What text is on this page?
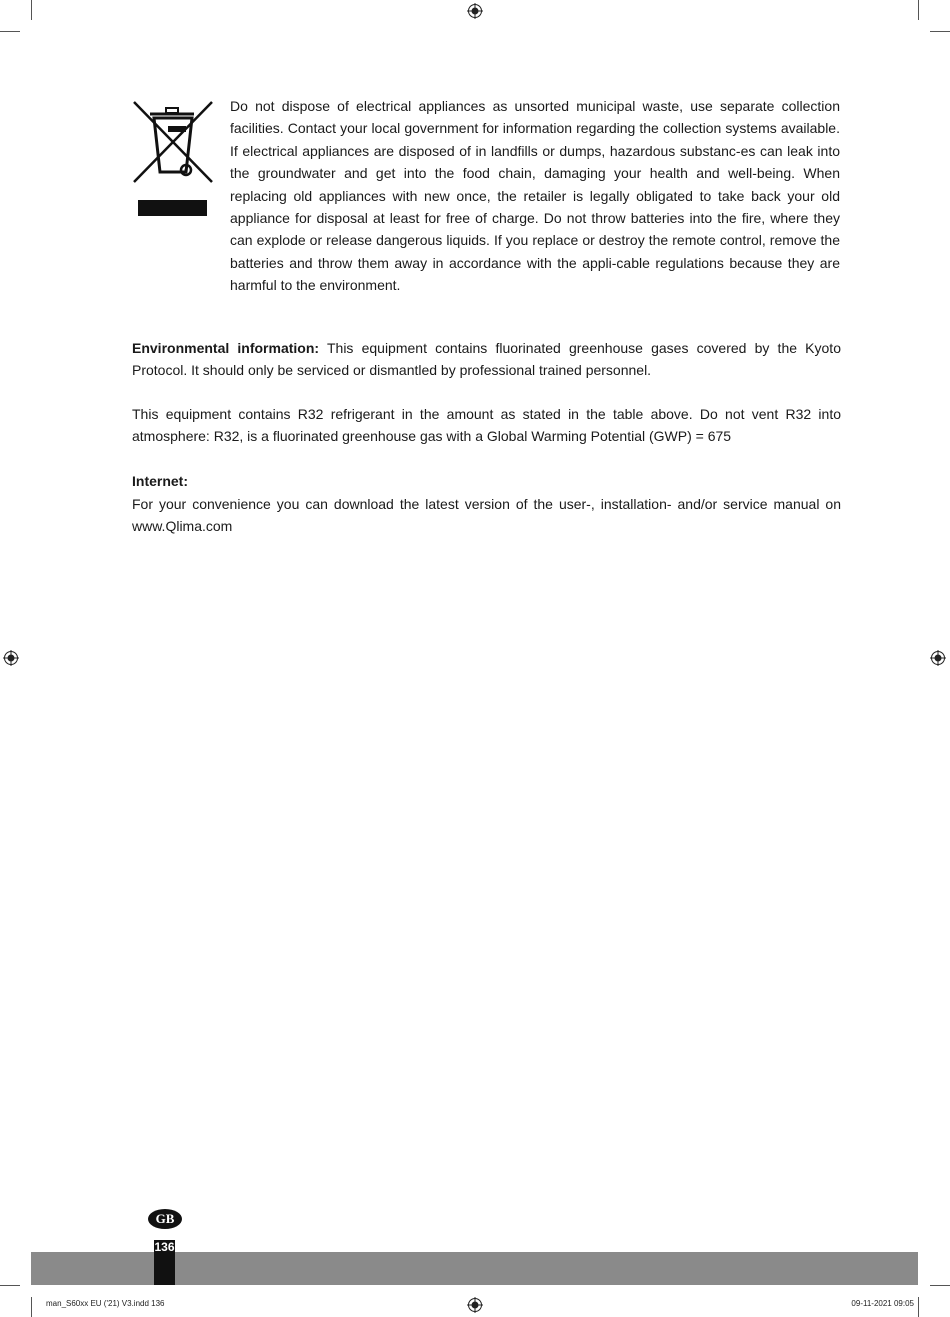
Do not dispose of electrical appliances as unsorted municipal waste, use separate collection facilities. Contact your local government for information regarding the collection systems available. If electrical appliances are disposed of in landfills or dumps, hazardous substanc-es can leak into the groundwater and get into the food chain, damaging your health and well-being. When replacing old appliances with new once, the retailer is legally obligated to take back your old appliance for disposal at least for free of charge. Do not throw batteries into the fire, where they can explode or release dangerous liquids. If you replace or destroy the remote control, remove the batteries and throw them away in accordance with the appli-cable regulations because they are harmful to the environment.

Environmental information: This equipment contains fluorinated greenhouse gases covered by the Kyoto Protocol. It should only be serviced or dismantled by professional trained personnel.

This equipment contains R32 refrigerant in the amount as stated in the table above. Do not vent R32 into atmosphere: R32, is a fluorinated greenhouse gas with a Global Warming Potential (GWP) = 675

Internet:

For your convenience you can download the latest version of the user-, installation- and/or service manual on www.Qlima.com

136
GB
man_S60xx EU ('21) V3.indd 136	09-11-2021 09:05
